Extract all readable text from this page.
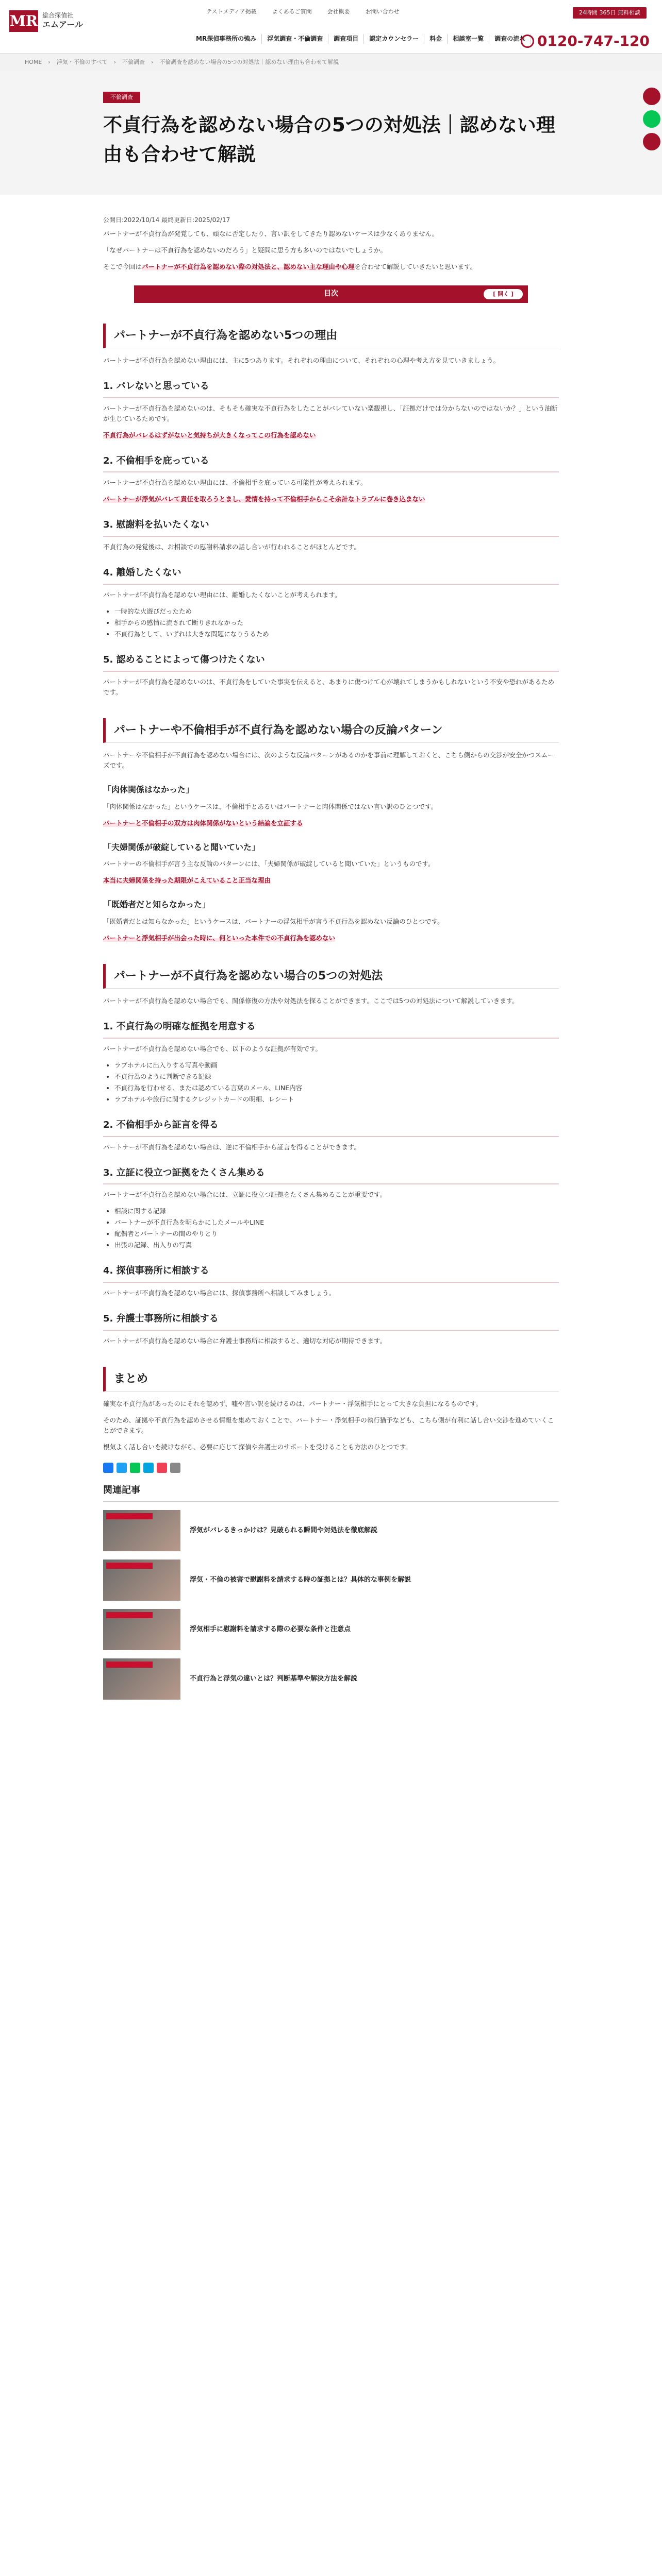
MR 総合探偵社
エムアール
テストメディア掲載	よくあるご質問	会社概要	お問い合わせ
MR探偵事務所の強み	浮気調査・不倫調査	調査項目	認定カウンセラー	料金	相談室一覧	調査の流れ
24時間 365日 無料相談
0120-747-120
HOME › 浮気・不倫のすべて › 不倫調査 › 不倫調査を認めない場合の5つの対処法｜認めない理由も合わせて解説
不倫調査
不貞行為を認めない場合の5つの対処法｜認めない理由も合わせて解説
公開日:2022/10/14 最終更新日:2025/02/17

パートナーが不貞行為が発覚しても、頑なに否定したり、言い訳をしてきたり認めないケースは少なくありません。

「なぜパートナーは不貞行為を認めないのだろう」と疑問に思う方も多いのではないでしょうか。

そこで今回はパートナーが不貞行為を認めない際の対処法と、認めない主な理由や心理を合わせて解説していきたいと思います。

目次	[ 開く ]
パートナーが不貞行為を認めない5つの理由

パートナーが不貞行為を認めない理由には、主に5つあります。それぞれの理由について、それぞれの心理や考え方を見ていきましょう。

1. バレないと思っている

パートナーが不貞行為を認めないのは、そもそも確実な不貞行為をしたことがバレていない楽観視し、「証拠だけでは分からないのではないか？」という油断が生じているためです。

不貞行為がバレるはずがないと気持ちが大きくなってこの行為を認めない

2. 不倫相手を庇っている

パートナーが不貞行為を認めない理由には、不倫相手を庇っている可能性が考えられます。

パートナーが浮気がバレて責任を取ろうとまし、愛情を持って不倫相手からこそ余計なトラブルに巻き込まない

3. 慰謝料を払いたくない

不貞行為の発覚後は、お相談での慰謝料請求の話し合いが行われることがほとんどです。

4. 離婚したくない

パートナーが不貞行為を認めない理由には、離婚したくないことが考えられます。

• 一時的な火遊びだったため
• 相手からの感情に流されて断りきれなかった
• 不貞行為として、いずれは大きな問題になりうるため
5. 認めることによって傷つけたくない

パートナーが不貞行為を認めないのは、不貞行為をしていた事実を伝えると、あまりに傷つけて心が壊れてしまうかもしれないという不安や恐れがあるためです。

パートナーや不倫相手が不貞行為を認めない場合の反論パターン

パートナーや不倫相手が不貞行為を認めない場合には、次のような反論パターンがあるのかを事前に理解しておくと、こちら側からの交渉が安全かつスムーズです。

「肉体関係はなかった」

「肉体関係はなかった」というケースは、不倫相手とあるいはパートナーと肉体関係ではない言い訳のひとつです。

パートナーと不倫相手の双方は肉体関係がないという結論を立証する

「夫婦関係が破綻していると聞いていた」

パートナーの不倫相手が言う主な反論のパターンには、「夫婦関係が破綻していると聞いていた」というものです。

本当に夫婦関係を持った期限がこえていること正当な理由

「既婚者だと知らなかった」

「既婚者だとは知らなかった」というケースは、パートナーの浮気相手が言う不貞行為を認めない反論のひとつです。

パートナーと浮気相手が出会った時に、何といった本件での不貞行為を認めない

パートナーが不貞行為を認めない場合の5つの対処法

パートナーが不貞行為を認めない場合でも、関係修復の方法や対処法を探ることができます。ここでは5つの対処法について解説していきます。

1. 不貞行為の明確な証拠を用意する

パートナーが不貞行為を認めない場合でも、以下のような証拠が有効です。

• ラブホテルに出入りする写真や動画
• 不貞行為のように判断できる記録
• 不貞行為を行わせる、または認めている言葉のメール、LINE内容
• ラブホテルや旅行に関するクレジットカードの明細、レシート
2. 不倫相手から証言を得る

パートナーが不貞行為を認めない場合は、逆に不倫相手から証言を得ることができます。

3. 立証に役立つ証拠をたくさん集める

パートナーが不貞行為を認めない場合には、立証に役立つ証拠をたくさん集めることが重要です。

• 相談に関する記録
• パートナーが不貞行為を明らかにしたメールやLINE
• 配偶者とパートナーの間のやりとり
• 出張の記録、出入りの写真
4. 探偵事務所に相談する

パートナーが不貞行為を認めない場合には、探偵事務所へ相談してみましょう。

5. 弁護士事務所に相談する

パートナーが不貞行為を認めない場合に弁護士事務所に相談すると、適切な対応が期待できます。

まとめ

確実な不貞行為があったのにそれを認めず、嘘や言い訳を続けるのは、パートナー・浮気相手にとって大きな負担になるものです。

そのため、証拠や不貞行為を認めさせる情報を集めておくことで、パートナー・浮気相手の執行猶予なども、こちら側が有利に話し合い交渉を進めていくことができます。

根気よく話し合いを続けながら、必要に応じて探偵や弁護士のサポートを受けることも方法のひとつです。

関連記事
浮気がバレるきっかけは？見破られる瞬間や対処法を徹底解説
浮気・不倫の被害で慰謝料を請求する時の証拠とは？具体的な事例を解説
浮気相手に慰謝料を請求する際の必要な条件と注意点
不貞行為と浮気の違いとは？判断基準や解決方法を解説
